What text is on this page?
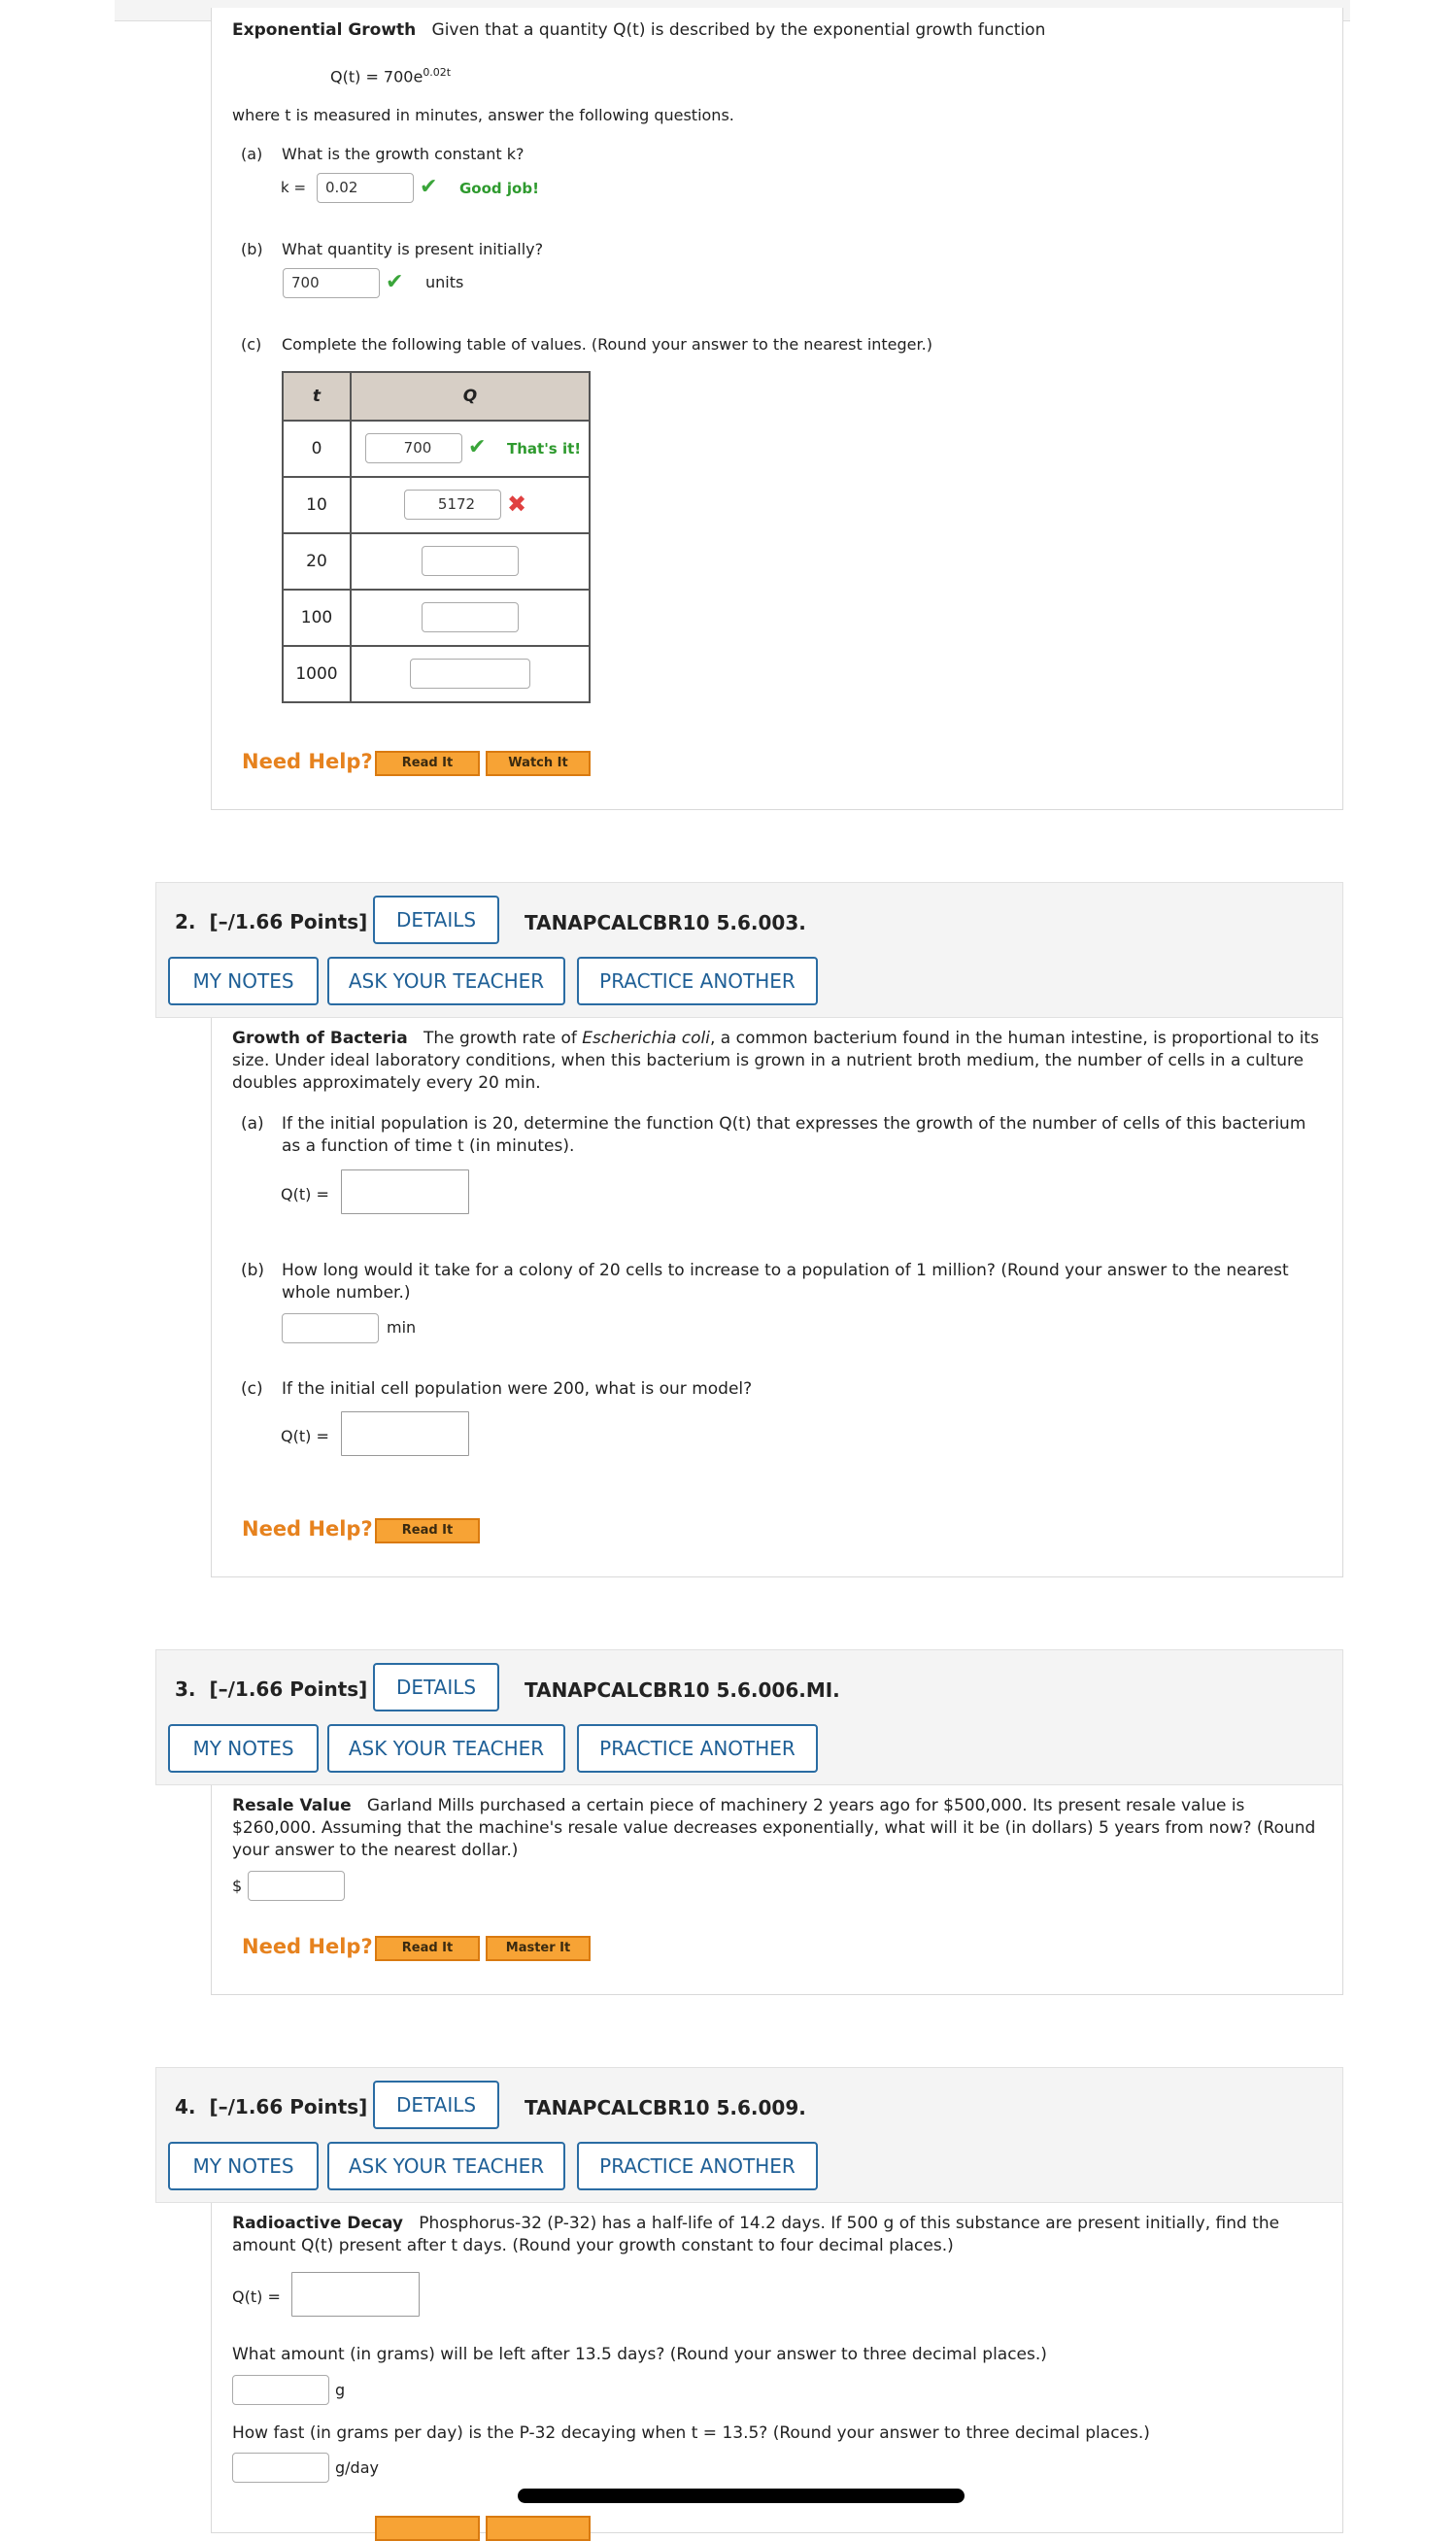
Exponential Growth Given that a quantity Q(t) is described by the exponential growth function
$Q(t) = 700e^{0.02t}$
where t is measured in minutes, answer the following questions.
(a) What is the growth constant k?
k =	0.02	✔ Good job!
(b) What quantity is present initially?
700	✔ units
(c) Complete the following table of values. (Round your answer to the nearest integer.)
t	Q
0	700 ✔ That's it!

10	5172 ✖

20	

100	

1000	
Need Help?	Read It	Watch It
2. [–/1.66 Points]	DETAILS	TANAPCALCBR10 5.6.003.
MY NOTES	ASK YOUR TEACHER	PRACTICE ANOTHER
Growth of Bacteria The growth rate of Escherichia coli, a common bacterium found in the human intestine, is proportional to its size. Under ideal laboratory conditions, when this bacterium is grown in a nutrient broth medium, the number of cells in a culture doubles approximately every 20 min.
(a) If the initial population is 20, determine the function Q(t) that expresses the growth of the number of cells of this bacterium as a function of time t (in minutes).
Q(t) =
(b) How long would it take for a colony of 20 cells to increase to a population of 1 million? (Round your answer to the nearest whole number.)
min
(c) If the initial cell population were 200, what is our model?
Q(t) =
Need Help?	Read It
3. [–/1.66 Points]	DETAILS	TANAPCALCBR10 5.6.006.MI.
MY NOTES	ASK YOUR TEACHER	PRACTICE ANOTHER
Resale Value Garland Mills purchased a certain piece of machinery 2 years ago for $500,000. Its present resale value is $260,000. Assuming that the machine's resale value decreases exponentially, what will it be (in dollars) 5 years from now? (Round your answer to the nearest dollar.)
$
Need Help?	Read It	Master It
4. [–/1.66 Points]	DETAILS	TANAPCALCBR10 5.6.009.
MY NOTES	ASK YOUR TEACHER	PRACTICE ANOTHER
Radioactive Decay Phosphorus-32 (P-32) has a half-life of 14.2 days. If 500 g of this substance are present initially, find the amount Q(t) present after t days. (Round your growth constant to four decimal places.)
Q(t) =
What amount (in grams) will be left after 13.5 days? (Round your answer to three decimal places.)
g
How fast (in grams per day) is the P-32 decaying when t = 13.5? (Round your answer to three decimal places.)
g/day
